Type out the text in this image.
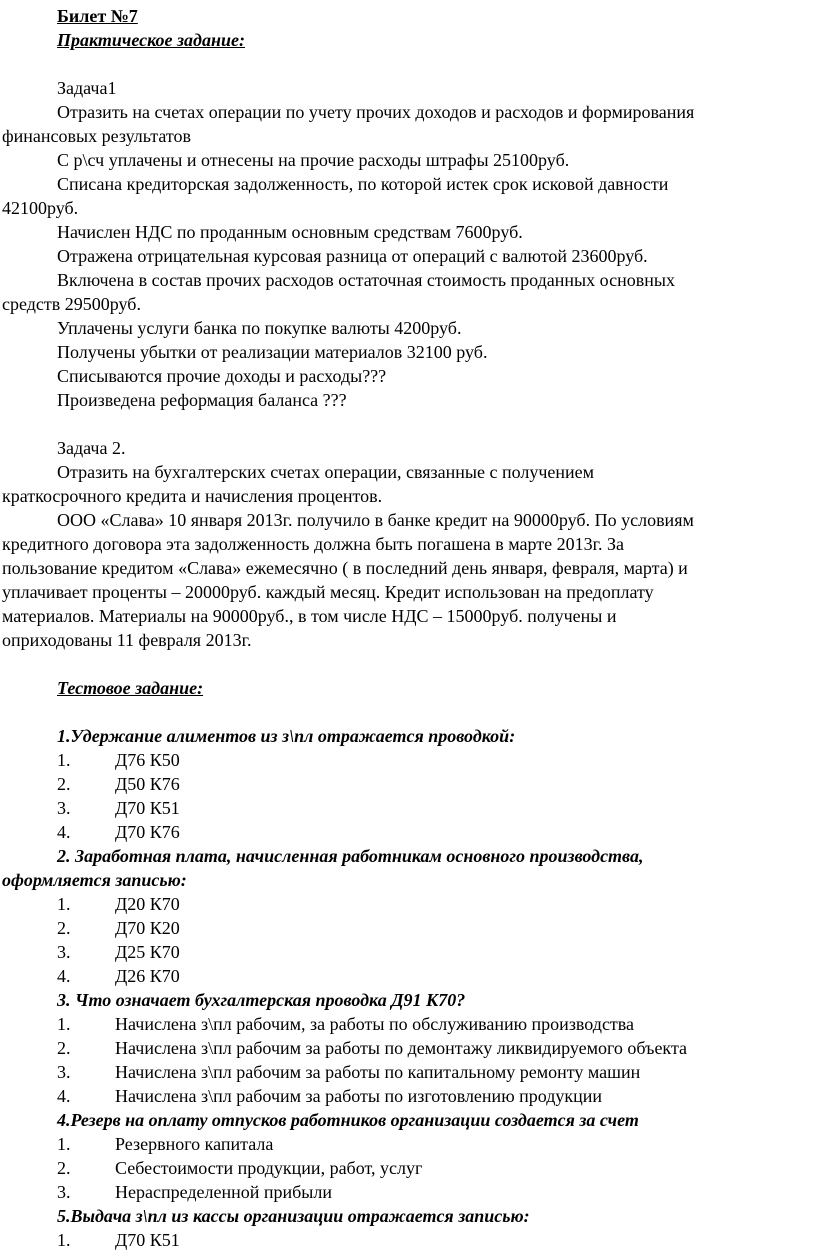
Билет №7
Практическое задание:
Задача1
Отразить на счетах операции по учету прочих доходов и расходов и формирования
финансовых результатов
С р\сч уплачены и отнесены на прочие расходы штрафы 25100руб.
Списана кредиторская задолженность, по которой истек срок исковой давности
42100руб.
Начислен НДС по проданным основным средствам 7600руб.
Отражена отрицательная курсовая разница от операций с валютой 23600руб.
Включена в состав прочих расходов остаточная стоимость проданных основных
средств 29500руб.
Уплачены услуги банка по покупке валюты 4200руб.
Получены убытки от реализации материалов 32100 руб.
Списываются прочие доходы и расходы???
Произведена реформация баланса ???
Задача 2.
Отразить на бухгалтерских счетах операции, связанные с получением
краткосрочного кредита и начисления процентов.
ООО «Слава» 10 января 2013г. получило в банке кредит на 90000руб. По условиям
кредитного договора эта задолженность должна быть погашена в марте 2013г. За
пользование кредитом «Слава» ежемесячно ( в последний день января, февраля, марта) и
уплачивает проценты – 20000руб. каждый месяц. Кредит использован на предоплату
материалов. Материалы на 90000руб., в том числе НДС – 15000руб. получены и
оприходованы 11 февраля 2013г.
Тестовое задание:
1.Удержание алиментов из з\пл отражается проводкой:
1.	Д76 К50
2.	Д50 К76
3.	Д70 К51
4.	Д70 К76
2. Заработная плата, начисленная работникам основного производства,
оформляется записью:
1.	Д20 К70
2.	Д70 К20
3.	Д25 К70
4.	Д26 К70
3. Что означает бухгалтерская проводка Д91 К70?
1.	Начислена з\пл рабочим, за работы по обслуживанию производства
2.	Начислена з\пл рабочим за работы по демонтажу ликвидируемого объекта
3.	Начислена з\пл рабочим за работы по капитальному ремонту машин
4.	Начислена з\пл рабочим за работы по изготовлению продукции
4.Резерв на оплату отпусков работников организации создается за счет
1.	Резервного капитала
2.	Себестоимости продукции, работ, услуг
3.	Нераспределенной прибыли
5.Выдача з\пл из кассы организации отражается записью:
1.	Д70 К51
